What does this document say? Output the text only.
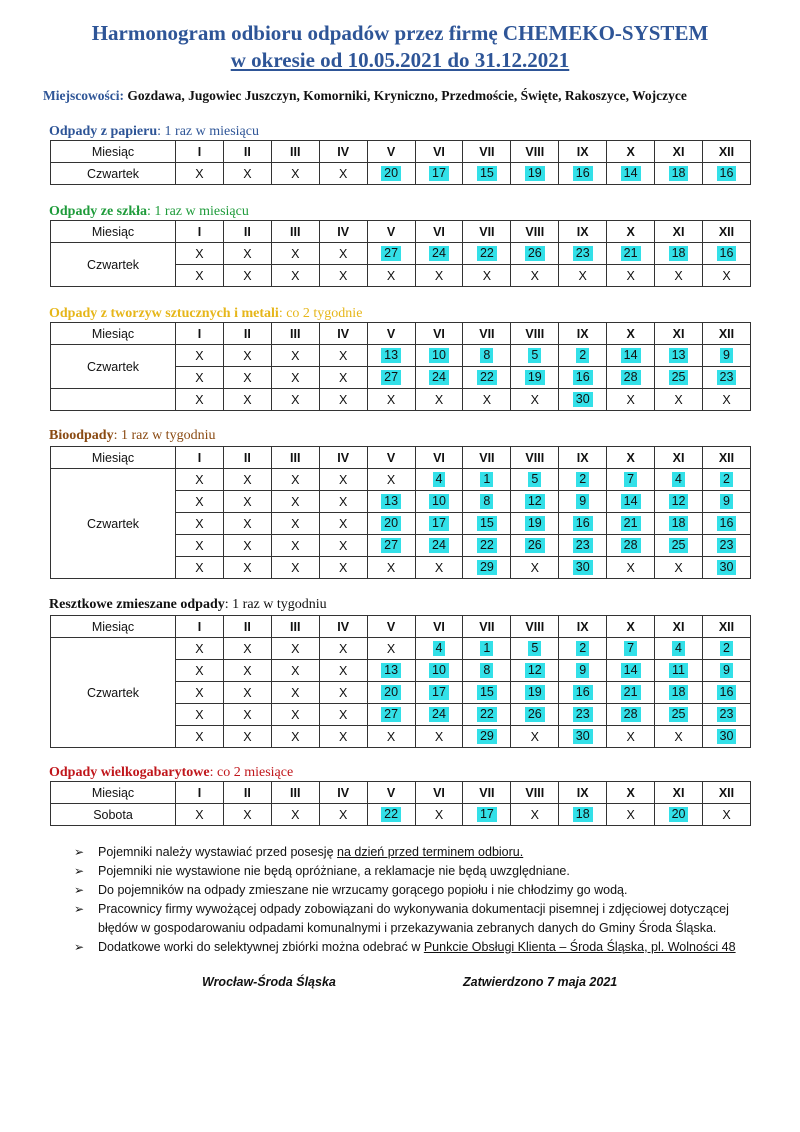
Harmonogram odbioru odpadów przez firmę CHEMEKO-SYSTEM
w okresie od 10.05.2021 do 31.12.2021
Miejscowości: Gozdawa, Jugowiec Juszczyn, Komorniki, Kryniczno, Przedmoście, Święte, Rakoszyce, Wojczyce
Odpady z papieru: 1 raz w miesiącu
Miesiąc	I	II	III	IV	V	VI	VII	VIII	IX	X	XI	XII
Czwartek	X	X	X	X	20	17	15	19	16	14	18	16
Odpady ze szkła: 1 raz w miesiącu
Miesiąc	I	II	III	IV	V	VI	VII	VIII	IX	X	XI	XII
Czwartek	X	X	X	X	27	24	22	26	23	21	18	16
	X	X	X	X	X	X	X	X	X	X	X	X
Odpady z tworzyw sztucznych i metali: co 2 tygodnie
Miesiąc	I	II	III	IV	V	VI	VII	VIII	IX	X	XI	XII
Czwartek	X	X	X	X	13	10	8	5	2	14	13	9
	X	X	X	X	27	24	22	19	16	28	25	23
	X	X	X	X	X	X	X	X	30	X	X	X
Bioodpady: 1 raz w tygodniu
Miesiąc	I	II	III	IV	V	VI	VII	VIII	IX	X	XI	XII
Czwartek	X	X	X	X	X	4	1	5	2	7	4	2
	X	X	X	X	13	10	8	12	9	14	12	9
	X	X	X	X	20	17	15	19	16	21	18	16
	X	X	X	X	27	24	22	26	23	28	25	23
	X	X	X	X	X	X	29	X	30	X	X	30
Resztkowe zmieszane odpady: 1 raz w tygodniu
Miesiąc	I	II	III	IV	V	VI	VII	VIII	IX	X	XI	XII
Czwartek	X	X	X	X	X	4	1	5	2	7	4	2
	X	X	X	X	13	10	8	12	9	14	11	9
	X	X	X	X	20	17	15	19	16	21	18	16
	X	X	X	X	27	24	22	26	23	28	25	23
	X	X	X	X	X	X	29	X	30	X	X	30
Odpady wielkogabarytowe: co 2 miesiące
Miesiąc	I	II	III	IV	V	VI	VII	VIII	IX	X	XI	XII
Sobota	X	X	X	X	22	X	17	X	18	X	20	X
➢	Pojemniki należy wystawiać przed posesję na dzień przed terminem odbioru.
➢	Pojemniki nie wystawione nie będą opróżniane, a reklamacje nie będą uwzględniane.
➢	Do pojemników na odpady zmieszane nie wrzucamy gorącego popiołu i nie chłodzimy go wodą.
➢	Pracownicy firmy wywożącej odpady zobowiązani do wykonywania dokumentacji pisemnej i zdjęciowej dotyczącej błędów w gospodarowaniu odpadami komunalnymi i przekazywania zebranych danych do Gminy Środa Śląska.
➢	Dodatkowe worki do selektywnej zbiórki można odebrać w Punkcie Obsługi Klienta – Środa Śląska, pl. Wolności 48
Wrocław-Środa Śląska	Zatwierdzono 7 maja 2021
